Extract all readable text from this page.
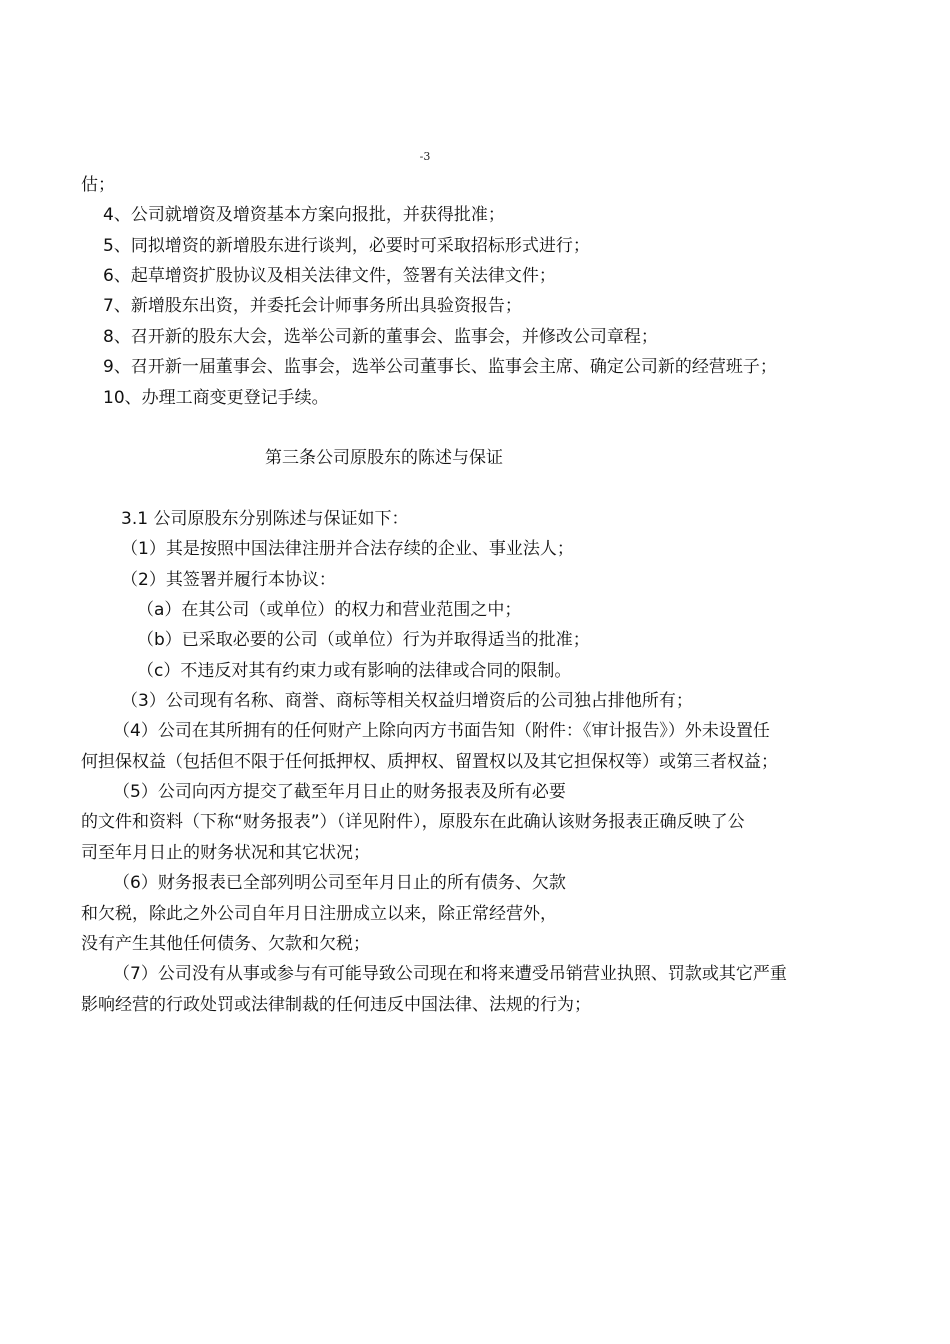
-3
估；
4、公司就增资及增资基本方案向报批，并获得批准；
5、同拟增资的新增股东进行谈判，必要时可采取招标形式进行；
6、起草增资扩股协议及相关法律文件，签署有关法律文件；
7、新增股东出资，并委托会计师事务所出具验资报告；
8、召开新的股东大会，选举公司新的董事会、监事会，并修改公司章程；
9、召开新一届董事会、监事会，选举公司董事长、监事会主席、确定公司新的经营班子；
10、办理工商变更登记手续。
第三条公司原股东的陈述与保证
3.1 公司原股东分别陈述与保证如下：
（1）其是按照中国法律注册并合法存续的企业、事业法人；
（2）其签署并履行本协议：
（a）在其公司（或单位）的权力和营业范围之中；
（b）已采取必要的公司（或单位）行为并取得适当的批准；
（c）不违反对其有约束力或有影响的法律或合同的限制。
（3）公司现有名称、商誉、商标等相关权益归增资后的公司独占排他所有；
（4）公司在其所拥有的任何财产上除向丙方书面告知（附件：《审计报告》）外未设置任
何担保权益（包括但不限于任何抵押权、质押权、留置权以及其它担保权等）或第三者权益；
（5）公司向丙方提交了截至年月日止的财务报表及所有必要
的文件和资料（下称“财务报表”）（详见附件），原股东在此确认该财务报表正确反映了公
司至年月日止的财务状况和其它状况；
（6）财务报表已全部列明公司至年月日止的所有债务、欠款
和欠税，除此之外公司自年月日注册成立以来，除正常经营外，
没有产生其他任何债务、欠款和欠税；
（7）公司没有从事或参与有可能导致公司现在和将来遭受吊销营业执照、罚款或其它严重
影响经营的行政处罚或法律制裁的任何违反中国法律、法规的行为；
